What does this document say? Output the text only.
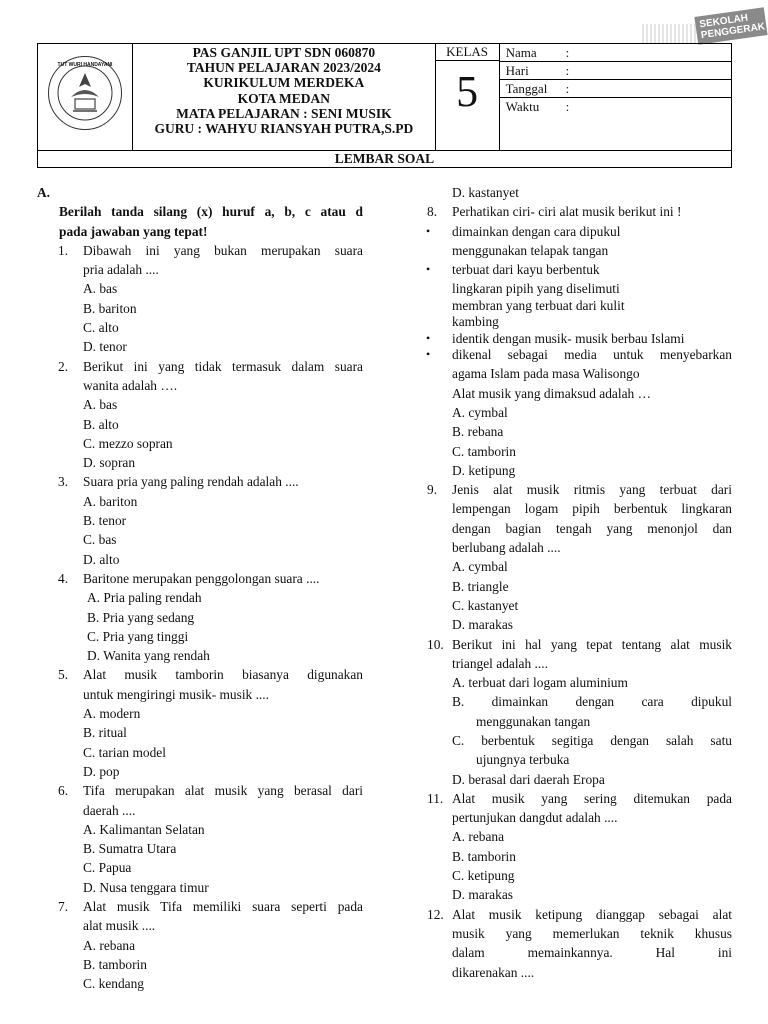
SEKOLAH PENGGERAK
TUT WURI HANDAYANI

PAS GANJIL UPT SDN 060870
TAHUN PELAJARAN 2023/2024
KURIKULUM MERDEKA
KOTA MEDAN
MATA PELAJARAN : SENI MUSIK
GURU : WAHYU RIANSYAH PUTRA,S.PD

KELAS
5

Nama :
Hari	:
Tanggal :
Waktu :

LEMBAR SOAL
A.
Berilah tanda silang (x) huruf a, b, c atau d
pada jawaban yang tepat!
1. Dibawah ini yang bukan merupakan suara
pria adalah ....
A. bas
B. bariton
C. alto
D. tenor
2. Berikut ini yang tidak termasuk dalam suara
wanita adalah ….
A. bas
B. alto
C. mezzo sopran
D. sopran
3. Suara pria yang paling rendah adalah ....
A. bariton
B. tenor
C. bas
D. alto
4. Baritone merupakan penggolongan suara ....
A. Pria paling rendah
B. Pria yang sedang
C. Pria yang tinggi
D. Wanita yang rendah
5. Alat musik tamborin biasanya digunakan
untuk mengiringi musik- musik ....
A. modern
B. ritual
C. tarian model
D. pop
6. Tifa merupakan alat musik yang berasal dari
daerah ....
A. Kalimantan Selatan
B. Sumatra Utara
C. Papua
D. Nusa tenggara timur
7. Alat musik Tifa memiliki suara seperti pada
alat musik ....
A. rebana
B. tamborin
C. kendang
D. kastanyet
8. Perhatikan ciri- ciri alat musik berikut ini !
• dimainkan dengan cara dipukul
menggunakan telapak tangan
• terbuat dari kayu berbentuk
lingkaran pipih yang diselimuti
membran yang terbuat dari kulit
kambing
• identik dengan musik- musik berbau Islami
• dikenal sebagai media untuk menyebarkan
agama Islam pada masa Walisongo
Alat musik yang dimaksud adalah …
A. cymbal
B. rebana
C. tamborin
D. ketipung
9. Jenis alat musik ritmis yang terbuat dari
lempengan logam pipih berbentuk lingkaran
dengan bagian tengah yang menonjol dan
berlubang adalah ....
A. cymbal
B. triangle
C. kastanyet
D. marakas
10. Berikut ini hal yang tepat tentang alat musik
triangel adalah ....
A. terbuat dari logam aluminium
B. dimainkan dengan cara dipukul
menggunakan tangan
C. berbentuk segitiga dengan salah satu
ujungnya terbuka
D. berasal dari daerah Eropa
11. Alat musik yang sering ditemukan pada
pertunjukan dangdut adalah ....
A. rebana
B. tamborin
C. ketipung
D. marakas
12. Alat musik ketipung dianggap sebagai alat
musik yang memerlukan teknik khusus
dalam memainkannya. Hal ini
dikarenakan ....
